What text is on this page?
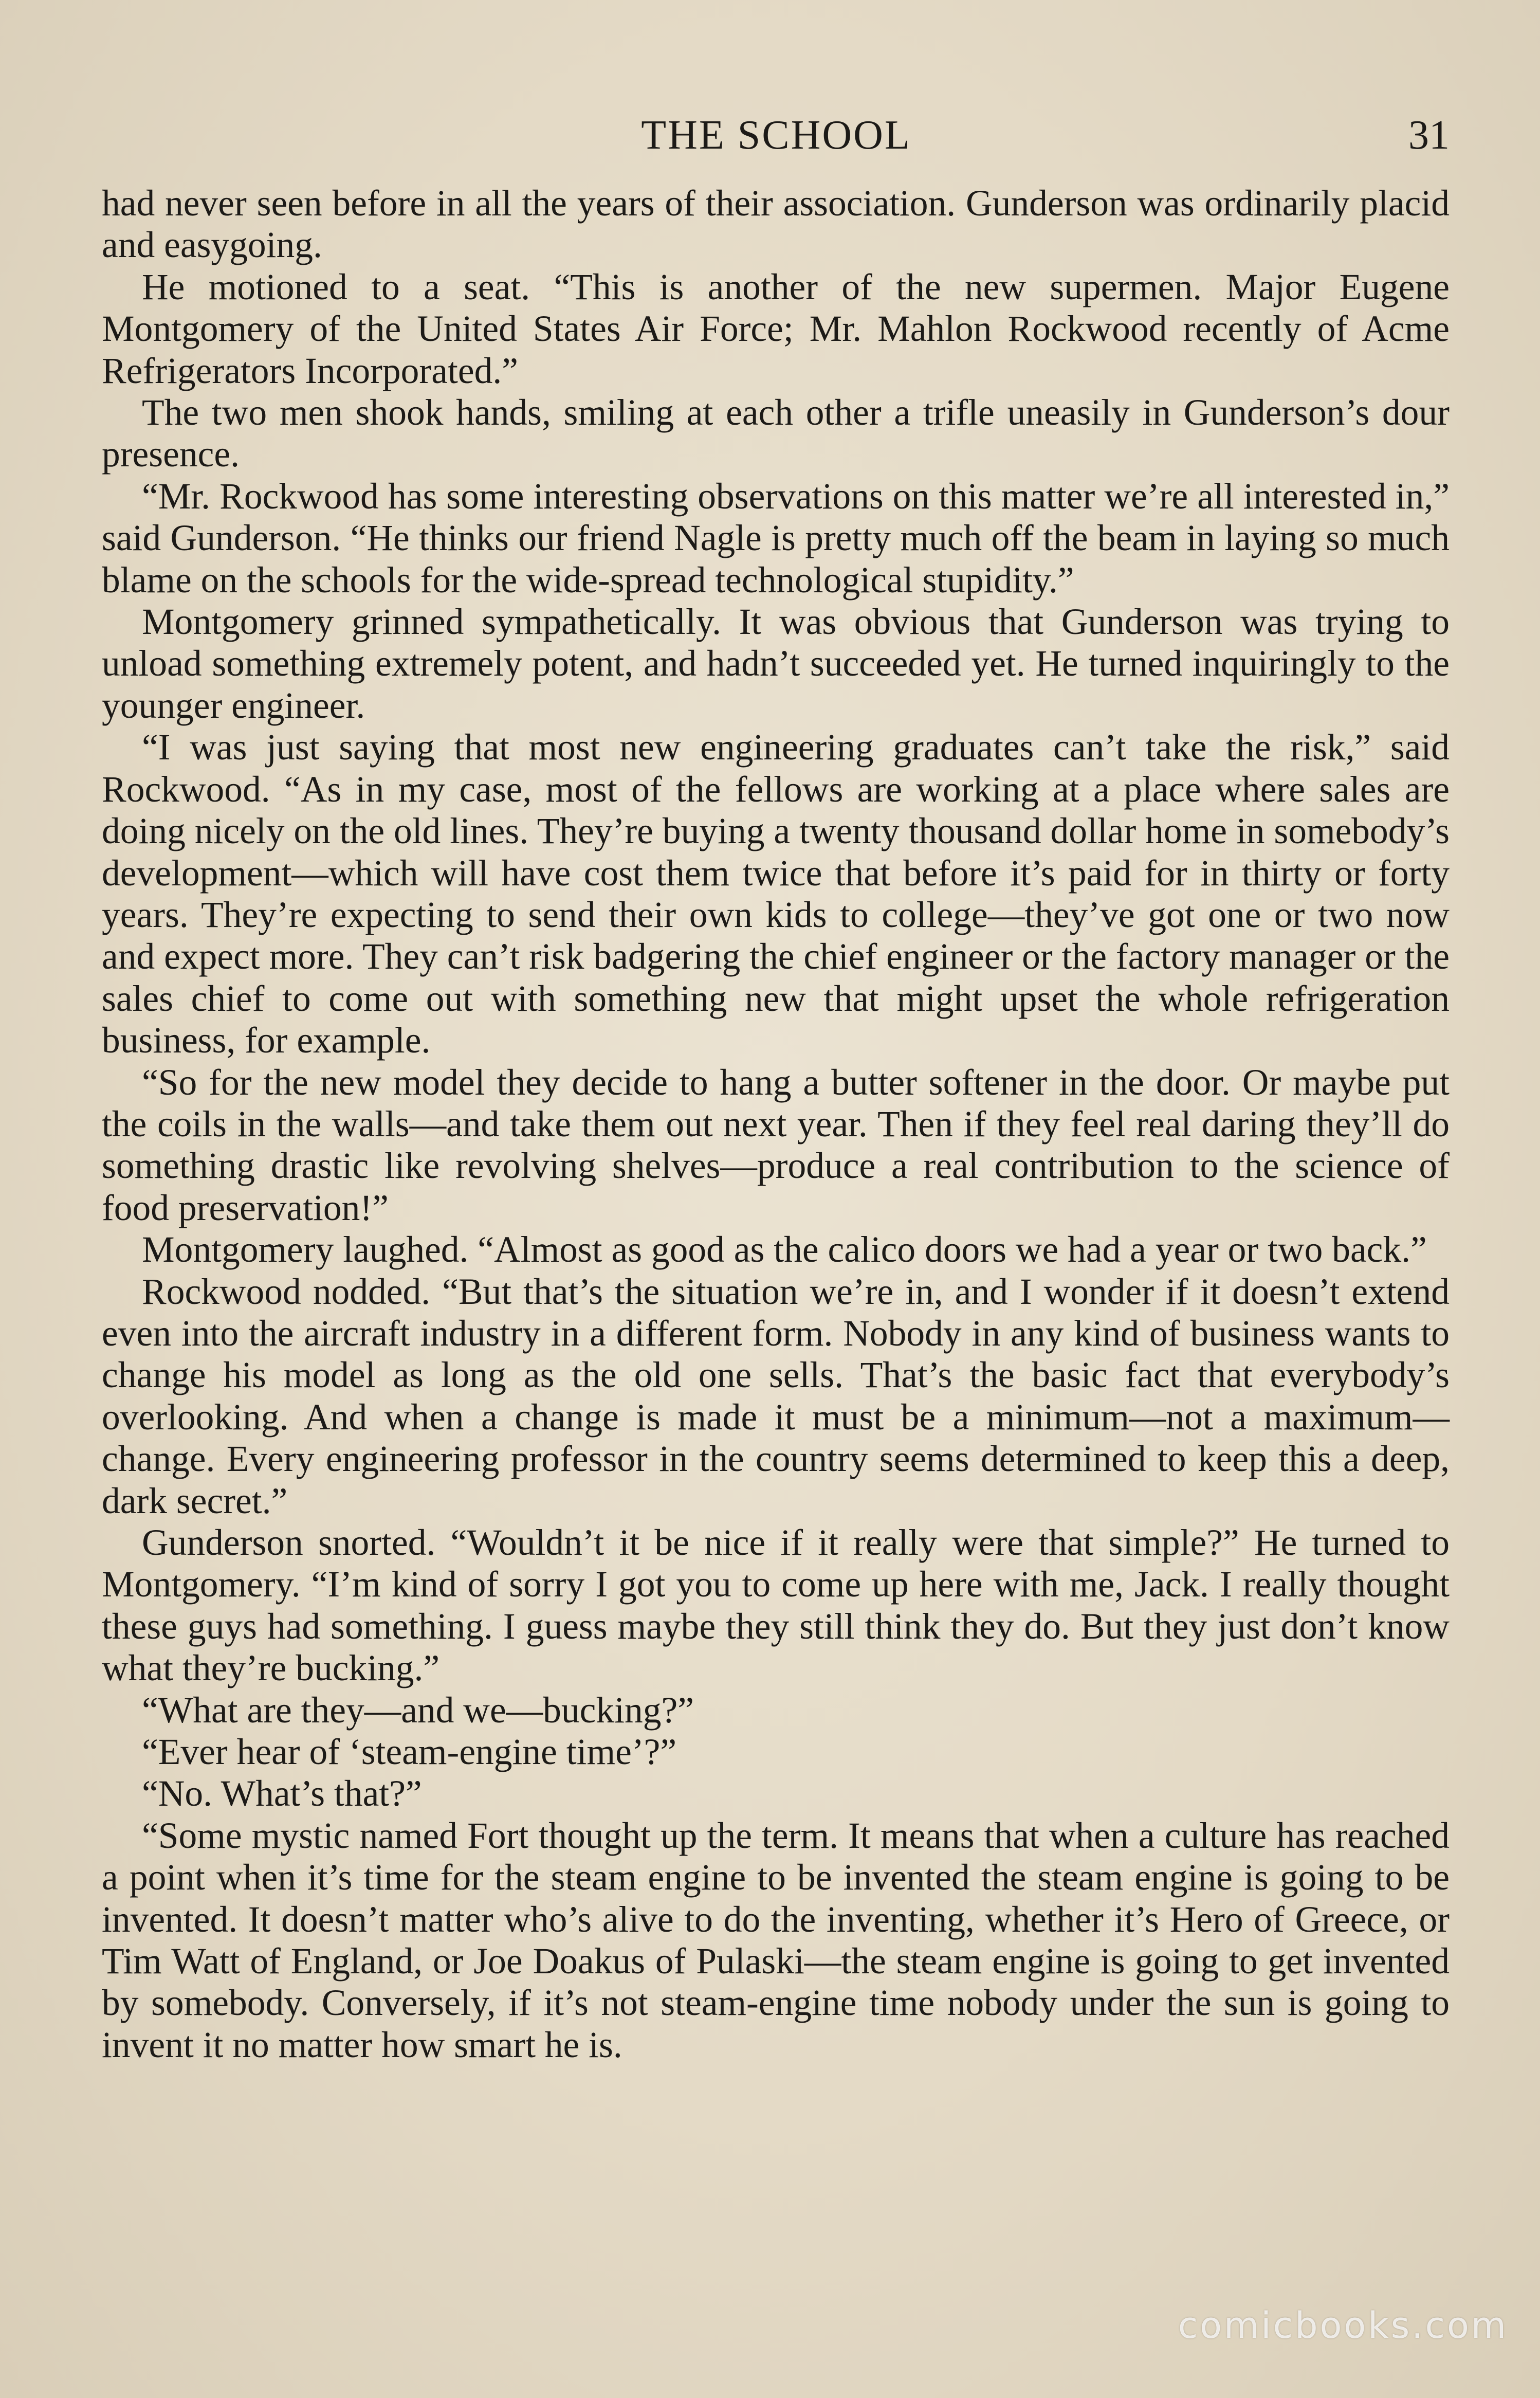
THE SCHOOL	31

had never seen before in all the years of their association. Gunderson was ordinarily placid and easygoing.

He motioned to a seat. “This is another of the new supermen. Major Eugene Montgomery of the United States Air Force; Mr. Mahlon Rockwood recently of Acme Refrigerators Incorporated.”

The two men shook hands, smiling at each other a trifle uneasily in Gunderson’s dour presence.

“Mr. Rockwood has some interesting observations on this matter we’re all interested in,” said Gunderson. “He thinks our friend Nagle is pretty much off the beam in laying so much blame on the schools for the wide-spread technological stupidity.”

Montgomery grinned sympathetically. It was obvious that Gunderson was trying to unload something extremely potent, and hadn’t succeeded yet. He turned inquiringly to the younger engineer.

“I was just saying that most new engineering graduates can’t take the risk,” said Rockwood. “As in my case, most of the fellows are working at a place where sales are doing nicely on the old lines. They’re buying a twenty thousand dollar home in somebody’s development—which will have cost them twice that before it’s paid for in thirty or forty years. They’re expecting to send their own kids to college—they’ve got one or two now and expect more. They can’t risk badgering the chief engineer or the factory manager or the sales chief to come out with something new that might upset the whole refrigeration business, for example.

“So for the new model they decide to hang a butter softener in the door. Or maybe put the coils in the walls—and take them out next year. Then if they feel real daring they’ll do something drastic like revolving shelves—produce a real contribution to the science of food preservation!”

Montgomery laughed. “Almost as good as the calico doors we had a year or two back.”

Rockwood nodded. “But that’s the situation we’re in, and I wonder if it doesn’t extend even into the aircraft industry in a different form. Nobody in any kind of business wants to change his model as long as the old one sells. That’s the basic fact that everybody’s overlooking. And when a change is made it must be a minimum—not a maximum—change. Every engineering professor in the country seems determined to keep this a deep, dark secret.”

Gunderson snorted. “Wouldn’t it be nice if it really were that simple?” He turned to Montgomery. “I’m kind of sorry I got you to come up here with me, Jack. I really thought these guys had something. I guess maybe they still think they do. But they just don’t know what they’re bucking.”

“What are they—and we—bucking?”

“Ever hear of ‘steam-engine time’?”

“No. What’s that?”

“Some mystic named Fort thought up the term. It means that when a culture has reached a point when it’s time for the steam engine to be invented the steam engine is going to be invented. It doesn’t matter who’s alive to do the inventing, whether it’s Hero of Greece, or Tim Watt of England, or Joe Doakus of Pulaski—the steam engine is going to get invented by somebody. Conversely, if it’s not steam-engine time nobody under the sun is going to invent it no matter how smart he is.

comicbooks.com
